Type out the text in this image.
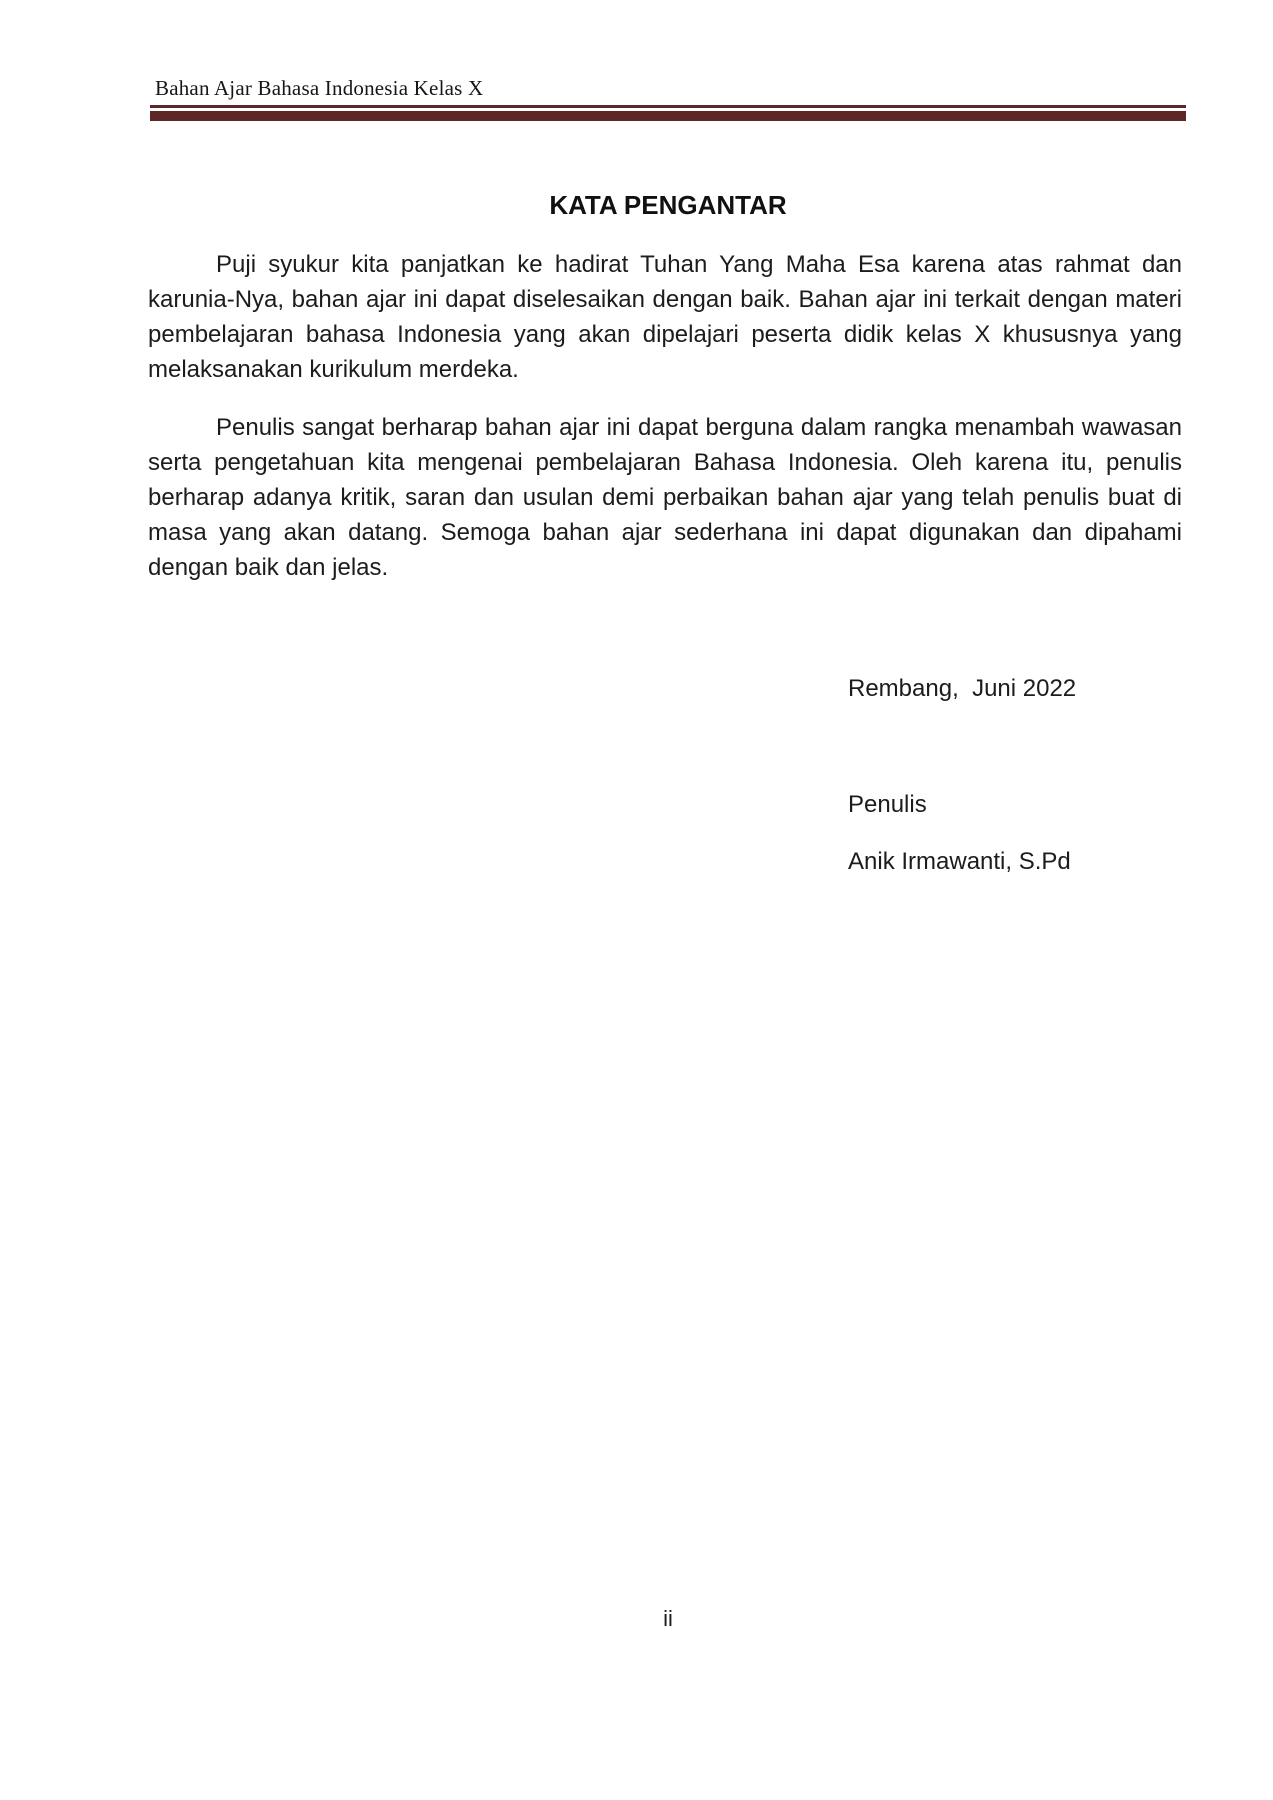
Bahan Ajar Bahasa Indonesia Kelas X
KATA PENGANTAR

Puji syukur kita panjatkan ke hadirat Tuhan Yang Maha Esa karena atas rahmat dan karunia-Nya, bahan ajar ini dapat diselesaikan dengan baik. Bahan ajar ini terkait dengan materi pembelajaran bahasa Indonesia yang akan dipelajari peserta didik kelas X khususnya yang melaksanakan kurikulum merdeka.

Penulis sangat berharap bahan ajar ini dapat berguna dalam rangka menambah wawasan serta pengetahuan kita mengenai pembelajaran Bahasa Indonesia. Oleh karena itu, penulis berharap adanya kritik, saran dan usulan demi perbaikan bahan ajar yang telah penulis buat di masa yang akan datang. Semoga bahan ajar sederhana ini dapat digunakan dan dipahami dengan baik dan jelas.

Rembang,  Juni 2022
Penulis
Anik Irmawanti, S.Pd
ii
